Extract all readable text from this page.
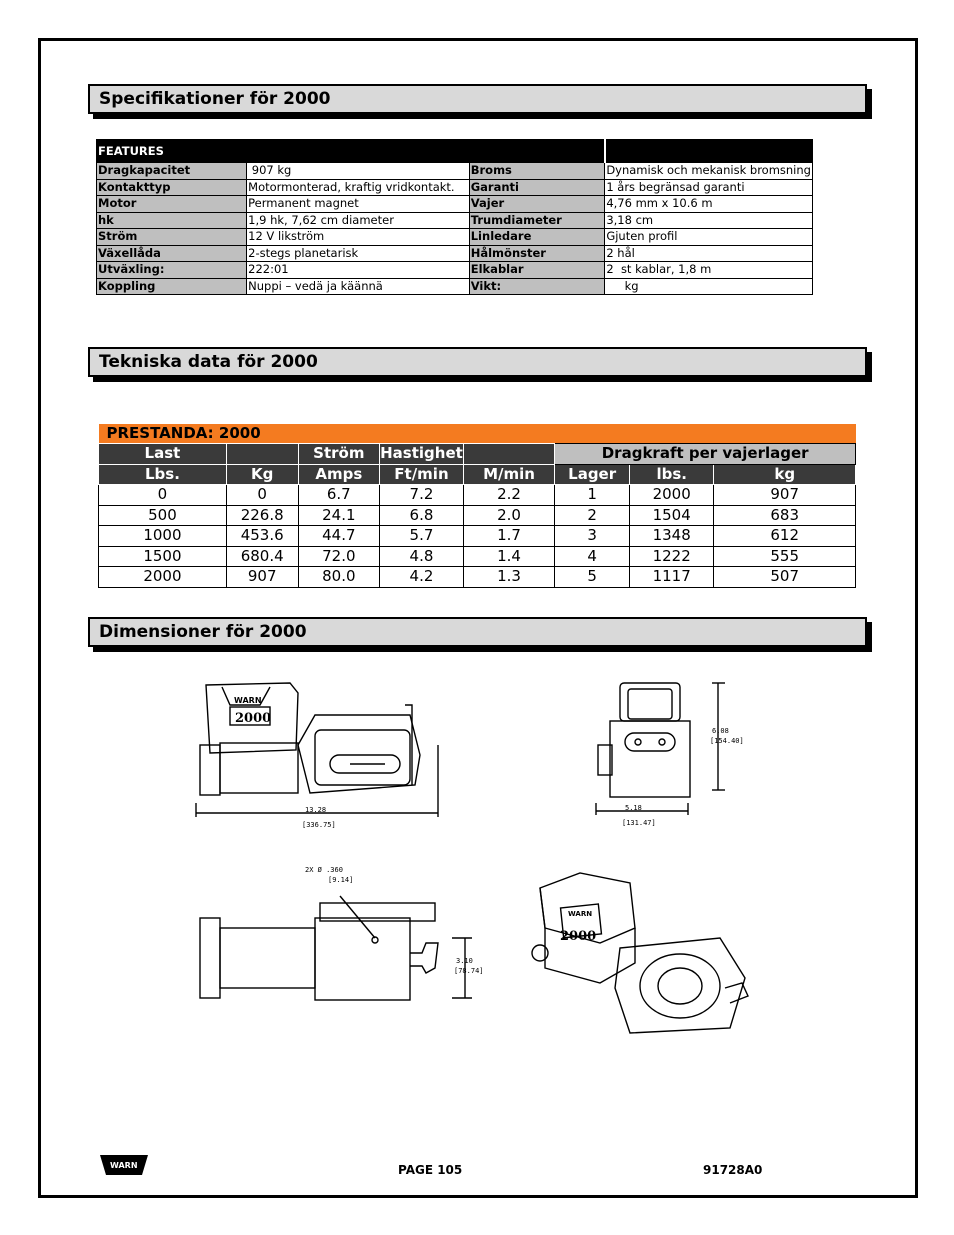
Specifikationer för 2000
FEATURES			
Dragkapacitet	907 kg	Broms	Dynamisk och mekanisk bromsning
Kontakttyp	Motormonterad, kraftig vridkontakt.	Garanti	1 års begränsad garanti
Motor	Permanent magnet	Vajer	4,76 mm x 10.6 m
hk	1,9 hk, 7,62 cm diameter	Trumdiameter	3,18 cm
Ström	12 V likström	Linledare	Gjuten profil
Växellåda	2-stegs planetarisk	Hålmönster	2 hål
Utväxling:	222:01	Elkablar	2  st kablar, 1,8 m
Koppling	Nuppi – vedä ja käännä	Vikt:	kg
Tekniska data för 2000
PRESTANDA: 2000							
Last		Ström	Hastighet		Dragkraft per vajerlager		
Lbs.	Kg	Amps	Ft/min	M/min	Lager	lbs.	kg
0	0	6.7	7.2	2.2	1	2000	907
500	226.8	24.1	6.8	2.0	2	1504	683
1000	453.6	44.7	5.7	1.7	3	1348	612
1500	680.4	72.0	4.8	1.4	4	1222	555
2000	907	80.0	4.2	1.3	5	1117	507
Dimensioner för 2000
13.28
[336.75]
WARN
2000
6.08
[154.40]
5.18
[131.47]
2X Ø .360
[9.14]
3.10
[78.74]
WARN
2000
WARN	PAGE 105	91728A0
